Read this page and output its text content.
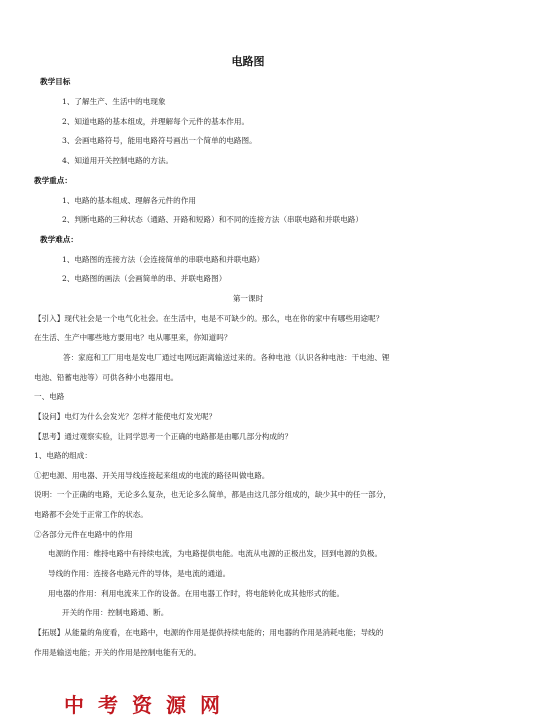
电路图
教学目标
1、了解生产、生活中的电现象
2、知道电路的基本组成，并理解每个元件的基本作用。
3、会画电路符号，能用电路符号画出一个简单的电路图。
4、知道用开关控制电路的方法。
教学重点：
1、电路的基本组成、理解各元件的作用
2、判断电路的三种状态（通路、开路和短路）和不同的连接方法（串联电路和并联电路）
教学难点：
1、电路图的连接方法（会连接简单的串联电路和并联电路）
2、电路图的画法（会画简单的串、并联电路图）
第一课时
【引入】现代社会是一个电气化社会。在生活中，电是不可缺少的。那么，电在你的家中有哪些用途呢？
在生活、生产中哪些地方要用电？电从哪里来，你知道吗？
答：家庭和工厂用电是发电厂通过电网远距离输送过来的。各种电池（认识各种电池：干电池、锂
电池、铅蓄电池等）可供各种小电器用电。
一、电路
【设问】电灯为什么会发光？怎样才能使电灯发光呢？
【思考】通过观察实验，让同学思考一个正确的电路都是由哪几部分构成的？
1、电路的组成：
①把电源、用电器、开关用导线连接起来组成的电流的路径叫做电路。
说明：一个正确的电路，无论多么复杂，也无论多么简单，都是由这几部分组成的，缺少其中的任一部分，
电路都不会处于正常工作的状态。
②各部分元件在电路中的作用
电源的作用：维持电路中有持续电流，为电路提供电能。电流从电源的正极出发，回到电源的负极。
导线的作用：连接各电路元件的导体，是电流的通道。
用电器的作用：利用电流来工作的设备。在用电器工作时，将电能转化成其他形式的能。
开关的作用：控制电路通、断。
【拓展】从能量的角度看，在电路中，电源的作用是提供持续电能的；用电器的作用是消耗电能；导线的
作用是输送电能；开关的作用是控制电能有无的。
中考资源网
